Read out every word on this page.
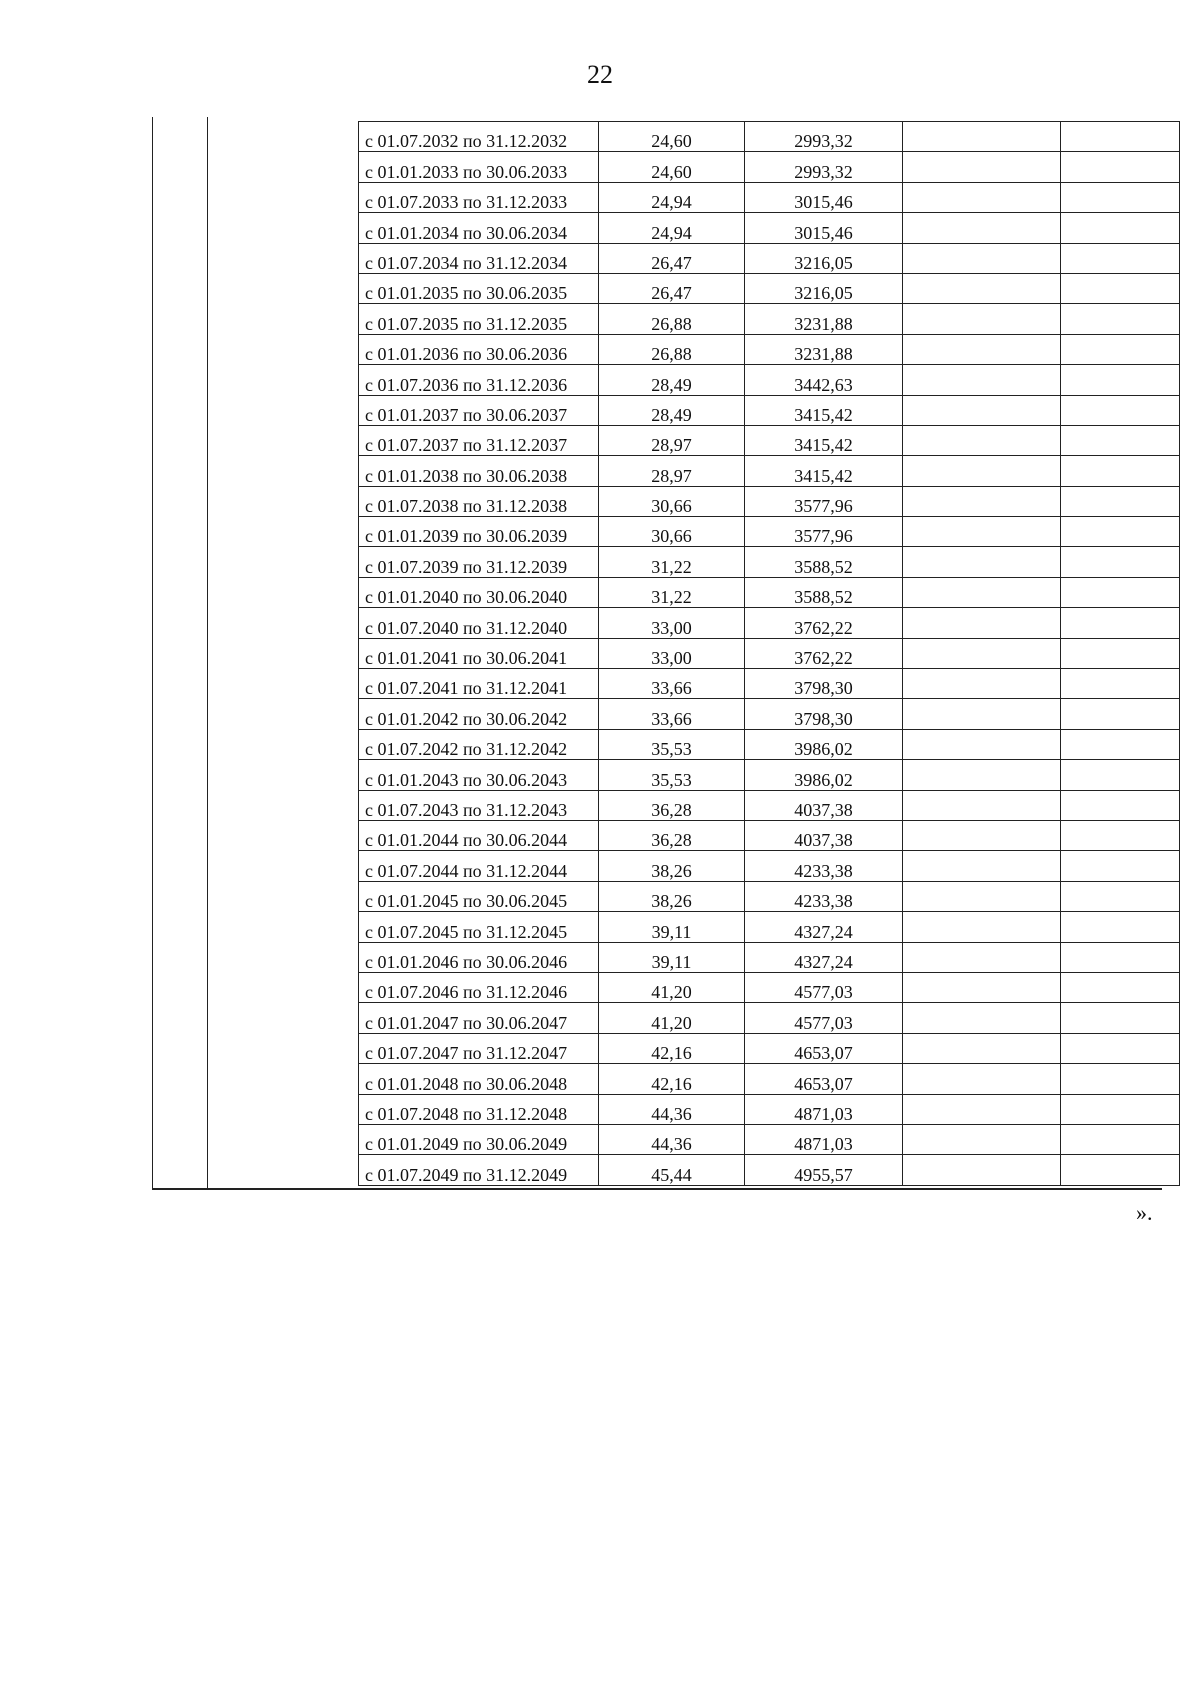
22
с 01.07.2032 по 31.12.2032	24,60	2993,32		
с 01.01.2033 по 30.06.2033	24,60	2993,32		
с 01.07.2033 по 31.12.2033	24,94	3015,46		
с 01.01.2034 по 30.06.2034	24,94	3015,46		
с 01.07.2034 по 31.12.2034	26,47	3216,05		
с 01.01.2035 по 30.06.2035	26,47	3216,05		
с 01.07.2035 по 31.12.2035	26,88	3231,88		
с 01.01.2036 по 30.06.2036	26,88	3231,88		
с 01.07.2036 по 31.12.2036	28,49	3442,63		
с 01.01.2037 по 30.06.2037	28,49	3415,42		
с 01.07.2037 по 31.12.2037	28,97	3415,42		
с 01.01.2038 по 30.06.2038	28,97	3415,42		
с 01.07.2038 по 31.12.2038	30,66	3577,96		
с 01.01.2039 по 30.06.2039	30,66	3577,96		
с 01.07.2039 по 31.12.2039	31,22	3588,52		
с 01.01.2040 по 30.06.2040	31,22	3588,52		
с 01.07.2040 по 31.12.2040	33,00	3762,22		
с 01.01.2041 по 30.06.2041	33,00	3762,22		
с 01.07.2041 по 31.12.2041	33,66	3798,30		
с 01.01.2042 по 30.06.2042	33,66	3798,30		
с 01.07.2042 по 31.12.2042	35,53	3986,02		
с 01.01.2043 по 30.06.2043	35,53	3986,02		
с 01.07.2043 по 31.12.2043	36,28	4037,38		
с 01.01.2044 по 30.06.2044	36,28	4037,38		
с 01.07.2044 по 31.12.2044	38,26	4233,38		
с 01.01.2045 по 30.06.2045	38,26	4233,38		
с 01.07.2045 по 31.12.2045	39,11	4327,24		
с 01.01.2046 по 30.06.2046	39,11	4327,24		
с 01.07.2046 по 31.12.2046	41,20	4577,03		
с 01.01.2047 по 30.06.2047	41,20	4577,03		
с 01.07.2047 по 31.12.2047	42,16	4653,07		
с 01.01.2048 по 30.06.2048	42,16	4653,07		
с 01.07.2048 по 31.12.2048	44,36	4871,03		
с 01.01.2049 по 30.06.2049	44,36	4871,03		
с 01.07.2049 по 31.12.2049	45,44	4955,57		
».
